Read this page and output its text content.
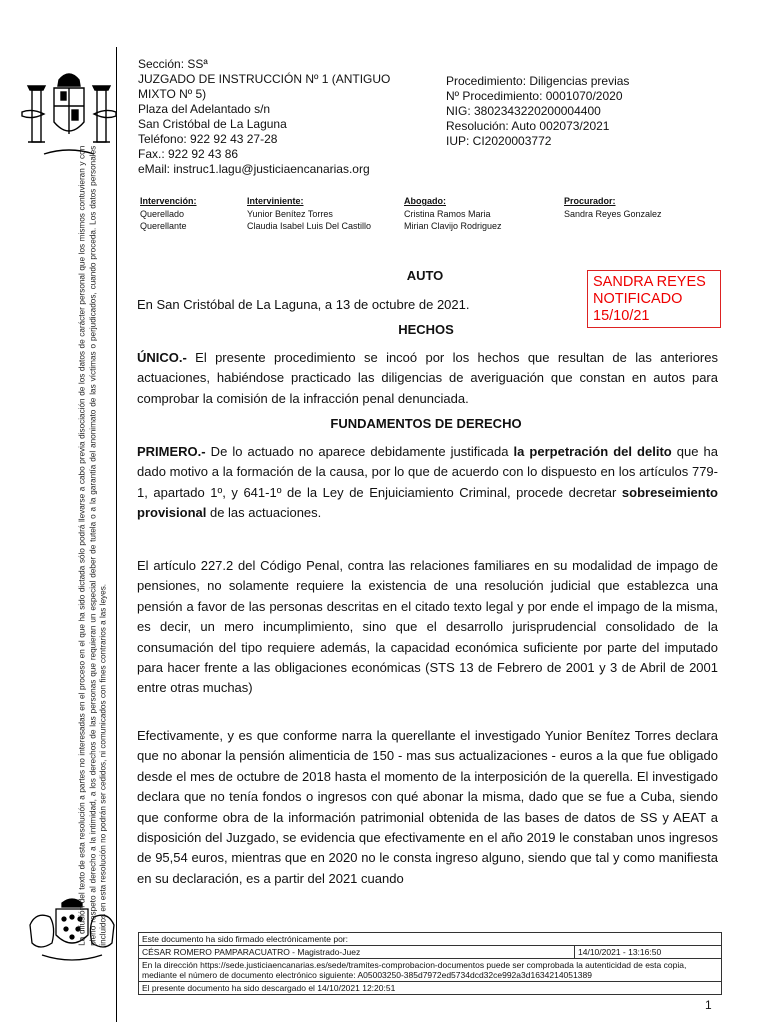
La difusión del texto de esta resolución a partes no interesadas en el proceso en el que ha sido dictada sólo podrá llevarse a cabo previa disociación de los datos de carácter personal que los mismos contuvieran y con pleno respeto al derecho a la intimidad, a los derechos de las personas que requieran un especial deber de tutela o a la garantía del anonimato de las víctimas o perjudicados, cuando proceda. Los datos personales incluidos en esta resolución no podrán ser cedidos, ni comunicados con fines contrarios a las leyes.
Sección: SSª
JUZGADO DE INSTRUCCIÓN Nº 1 (ANTIGUO
MIXTO Nº 5)
Plaza del Adelantado s/n
San Cristóbal de La Laguna
Teléfono: 922 92 43 27-28
Fax.: 922 92 43 86
eMail: instruc1.lagu@justiciaencanarias.org
Procedimiento: Diligencias previas
Nº Procedimiento: 0001070/2020
NIG: 3802343220200004400
Resolución: Auto 002073/2021
IUP: CI2020003772
Intervención:
Querellado
Querellante
Interviniente:
Yunior Benítez Torres
Claudia Isabel Luis Del Castillo
Abogado:
Cristina Ramos Maria
Mirian Clavijo Rodriguez
Procurador:
Sandra Reyes Gonzalez
SANDRA REYES
NOTIFICADO
15/10/21
AUTO
En San Cristóbal de La Laguna, a 13 de octubre de 2021.
HECHOS
ÚNICO.- El presente procedimiento se incoó por los hechos que resultan de las anteriores actuaciones, habiéndose practicado las diligencias de averiguación que constan en autos para comprobar la comisión de la infracción penal denunciada.
FUNDAMENTOS DE DERECHO
PRIMERO.- De lo actuado no aparece debidamente justificada la perpetración del delito que ha dado motivo a la formación de la causa, por lo que de acuerdo con lo dispuesto en los artículos 779-1, apartado 1º, y 641-1º de la Ley de Enjuiciamiento Criminal, procede decretar sobreseimiento provisional de las actuaciones.
El artículo 227.2 del Código Penal, contra las relaciones familiares en su modalidad de impago de pensiones, no solamente requiere la existencia de una resolución judicial que establezca una pensión a favor de las personas descritas en el citado texto legal y por ende el impago de la misma, es decir, un mero incumplimiento, sino que el desarrollo jurisprudencial consolidado de la consumación del tipo requiere además, la capacidad económica suficiente por parte del imputado para hacer frente a las obligaciones económicas (STS 13 de Febrero de 2001 y 3 de Abril de 2001 entre otras muchas)
Efectivamente, y es que conforme narra la querellante el investigado Yunior Benítez Torres declara que no abonar la pensión alimenticia de 150 - mas sus actualizaciones - euros a la que fue obligado desde el mes de octubre de 2018 hasta el momento de la interposición de la querella. El investigado declara que no tenía fondos o ingresos con qué abonar la misma, dado que se fue a Cuba, siendo que conforme obra de la información patrimonial obtenida de las bases de datos de SS y AEAT a disposición del Juzgado, se evidencia que efectivamente en el año 2019 le constaban unos ingresos de 95,54 euros, mientras que en 2020 no le consta ingreso alguno, siendo que tal y como manifiesta en su declaración, es a partir del 2021 cuando
Este documento ha sido firmado electrónicamente por:
CÉSAR ROMERO PAMPARACUATRO - Magistrado-Juez	14/10/2021 - 13:16:50
En la dirección https://sede.justiciaencanarias.es/sede/tramites-comprobacion-documentos puede ser comprobada la autenticidad de esta copia, mediante el número de documento electrónico siguiente: A05003250-385d7972ed5734dcd32ce992a3d1634214051389
El presente documento ha sido descargado el 14/10/2021 12:20:51
1
